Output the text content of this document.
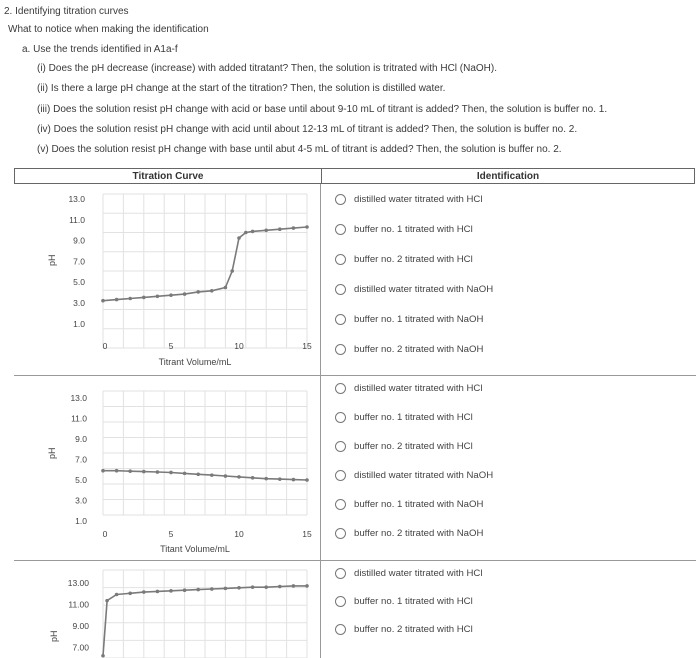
2. Identifying titration curves
What to notice when making the identification
a. Use the trends identified in A1a-f
(i) Does the pH decrease (increase) with added titratant? Then, the solution is tritrated with HCl (NaOH).
(ii) Is there a large pH change at the start of the titration? Then, the solution is distilled water.
(iii) Does the solution resist pH change with acid or base until about 9-10 mL of titrant is added? Then, the solution is buffer no. 1.
(iv) Does the solution resist pH change with acid until about 12-13 mL of titrant is added? Then, the solution is buffer no. 2.
(v) Does the solution resist pH change with base until abut 4-5 mL of titrant is added? Then, the solution is buffer no. 2.
Titration Curve	Identification
13.0
11.0
9.0
7.0
5.0
3.0
1.0
pH
0	5	10	15
Titrant Volume/mL
distilled water titrated with HCl
buffer no. 1 titrated with HCl
buffer no. 2 titrated with HCl
distilled water titrated with NaOH
buffer no. 1 titrated with NaOH
buffer no. 2 titrated with NaOH
13.0
11.0
9.0
7.0
5.0
3.0
1.0
pH
0	5	10	15
Titant Volume/mL
distilled water titrated with HCl
buffer no. 1 titrated with HCl
buffer no. 2 titrated with HCl
distilled water titrated with NaOH
buffer no. 1 titrated with NaOH
buffer no. 2 titrated with NaOH
13.00
11.00
9.00
7.00
pH
distilled water titrated with HCl
buffer no. 1 titrated with HCl
buffer no. 2 titrated with HCl
